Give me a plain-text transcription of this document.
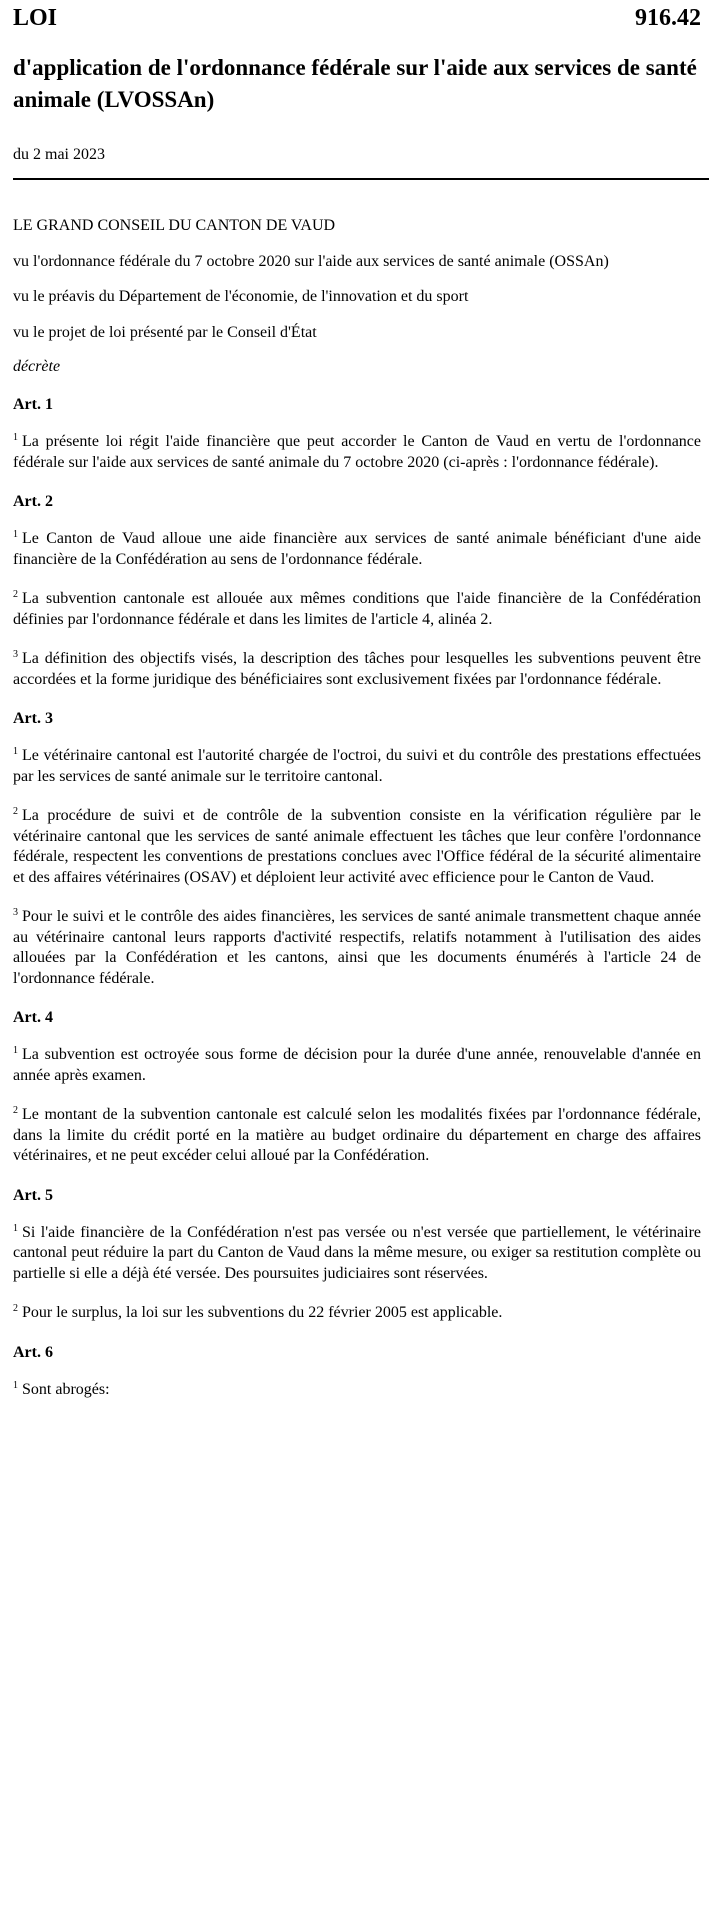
LOI	916.42
d'application de l'ordonnance fédérale sur l'aide aux services de santé animale (LVOSSAn)
du 2 mai 2023
LE GRAND CONSEIL DU CANTON DE VAUD
vu l'ordonnance fédérale du 7 octobre 2020 sur l'aide aux services de santé animale (OSSAn)
vu le préavis du Département de l'économie, de l'innovation et du sport
vu le projet de loi présenté par le Conseil d'État
décrète
Art. 1
$^1$ La présente loi régit l'aide financière que peut accorder le Canton de Vaud en vertu de l'ordonnance fédérale sur l'aide aux services de santé animale du 7 octobre 2020 (ci-après : l'ordonnance fédérale).
Art. 2
$^1$ Le Canton de Vaud alloue une aide financière aux services de santé animale bénéficiant d'une aide financière de la Confédération au sens de l'ordonnance fédérale.
$^2$ La subvention cantonale est allouée aux mêmes conditions que l'aide financière de la Confédération définies par l'ordonnance fédérale et dans les limites de l'article 4, alinéa 2.
$^3$ La définition des objectifs visés, la description des tâches pour lesquelles les subventions peuvent être accordées et la forme juridique des bénéficiaires sont exclusivement fixées par l'ordonnance fédérale.
Art. 3
$^1$ Le vétérinaire cantonal est l'autorité chargée de l'octroi, du suivi et du contrôle des prestations effectuées par les services de santé animale sur le territoire cantonal.
$^2$ La procédure de suivi et de contrôle de la subvention consiste en la vérification régulière par le vétérinaire cantonal que les services de santé animale effectuent les tâches que leur confère l'ordonnance fédérale, respectent les conventions de prestations conclues avec l'Office fédéral de la sécurité alimentaire et des affaires vétérinaires (OSAV) et déploient leur activité avec efficience pour le Canton de Vaud.
$^3$ Pour le suivi et le contrôle des aides financières, les services de santé animale transmettent chaque année au vétérinaire cantonal leurs rapports d'activité respectifs, relatifs notamment à l'utilisation des aides allouées par la Confédération et les cantons, ainsi que les documents énumérés à l'article 24 de l'ordonnance fédérale.
Art. 4
$^1$ La subvention est octroyée sous forme de décision pour la durée d'une année, renouvelable d'année en année après examen.
$^2$ Le montant de la subvention cantonale est calculé selon les modalités fixées par l'ordonnance fédérale, dans la limite du crédit porté en la matière au budget ordinaire du département en charge des affaires vétérinaires, et ne peut excéder celui alloué par la Confédération.
Art. 5
$^1$ Si l'aide financière de la Confédération n'est pas versée ou n'est versée que partiellement, le vétérinaire cantonal peut réduire la part du Canton de Vaud dans la même mesure, ou exiger sa restitution complète ou partielle si elle a déjà été versée. Des poursuites judiciaires sont réservées.
$^2$ Pour le surplus, la loi sur les subventions du 22 février 2005 est applicable.
Art. 6
$^1$ Sont abrogés:
